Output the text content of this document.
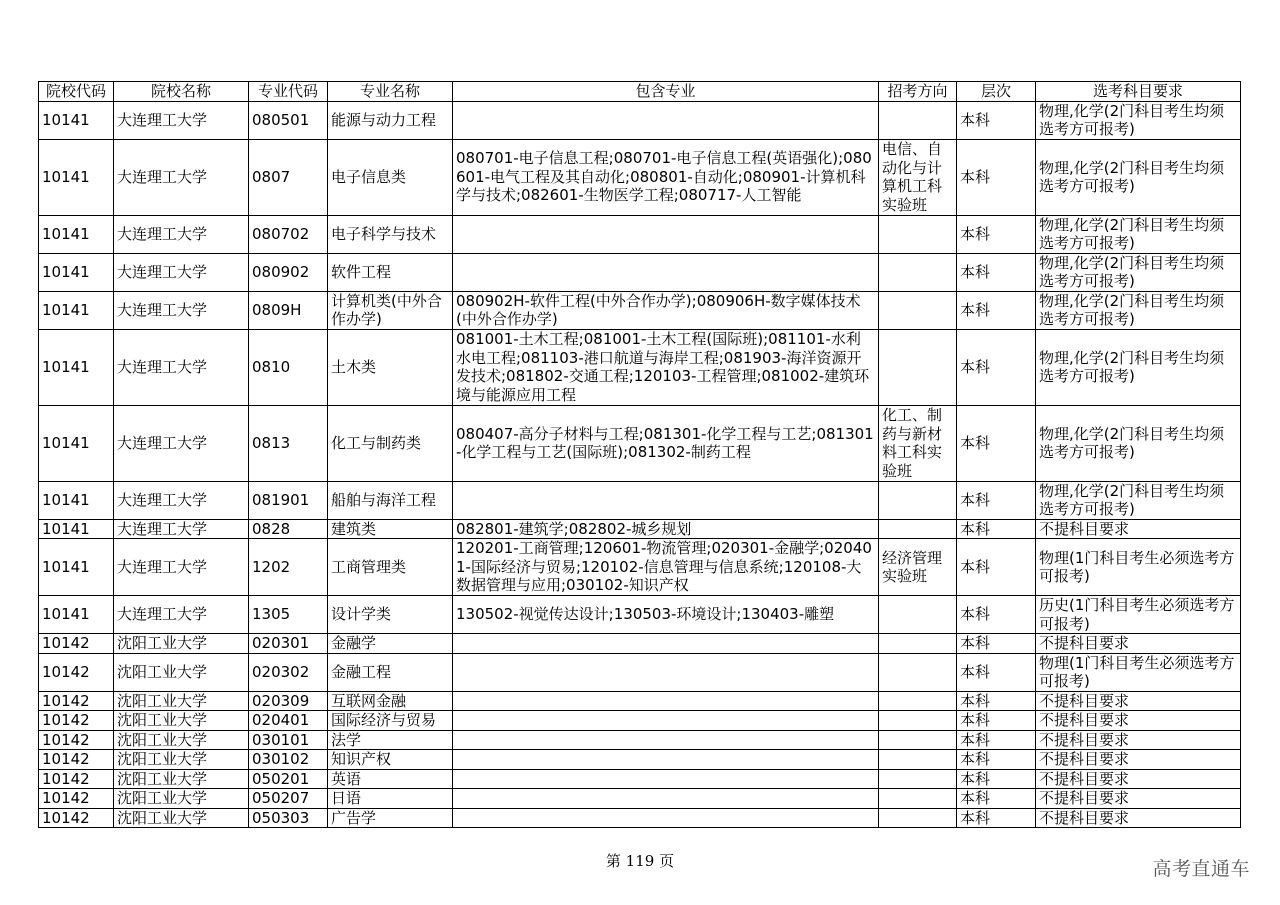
院校代码	院校名称	专业代码	专业名称	包含专业	招考方向	层次	选考科目要求
10141	大连理工大学	080501	能源与动力工程			本科	物理,化学(2门科目考生均须选考方可报考)
10141	大连理工大学	0807	电子信息类	080701-电子信息工程;080701-电子信息工程(英语强化);080601-电气工程及其自动化;080801-自动化;080901-计算机科学与技术;082601-生物医学工程;080717-人工智能	电信、自动化与计算机工科实验班	本科	物理,化学(2门科目考生均须选考方可报考)
10141	大连理工大学	080702	电子科学与技术			本科	物理,化学(2门科目考生均须选考方可报考)
10141	大连理工大学	080902	软件工程			本科	物理,化学(2门科目考生均须选考方可报考)
10141	大连理工大学	0809H	计算机类(中外合作办学)	080902H-软件工程(中外合作办学);080906H-数字媒体技术(中外合作办学)		本科	物理,化学(2门科目考生均须选考方可报考)
10141	大连理工大学	0810	土木类	081001-土木工程;081001-土木工程(国际班);081101-水利水电工程;081103-港口航道与海岸工程;081903-海洋资源开发技术;081802-交通工程;120103-工程管理;081002-建筑环境与能源应用工程		本科	物理,化学(2门科目考生均须选考方可报考)
10141	大连理工大学	0813	化工与制药类	080407-高分子材料与工程;081301-化学工程与工艺;081301-化学工程与工艺(国际班);081302-制药工程	化工、制药与新材料工科实验班	本科	物理,化学(2门科目考生均须选考方可报考)
10141	大连理工大学	081901	船舶与海洋工程			本科	物理,化学(2门科目考生均须选考方可报考)
10141	大连理工大学	0828	建筑类	082801-建筑学;082802-城乡规划		本科	不提科目要求
10141	大连理工大学	1202	工商管理类	120201-工商管理;120601-物流管理;020301-金融学;020401-国际经济与贸易;120102-信息管理与信息系统;120108-大数据管理与应用;030102-知识产权	经济管理实验班	本科	物理(1门科目考生必须选考方可报考)
10141	大连理工大学	1305	设计学类	130502-视觉传达设计;130503-环境设计;130403-雕塑		本科	历史(1门科目考生必须选考方可报考)
10142	沈阳工业大学	020301	金融学			本科	不提科目要求
10142	沈阳工业大学	020302	金融工程			本科	物理(1门科目考生必须选考方可报考)
10142	沈阳工业大学	020309	互联网金融			本科	不提科目要求
10142	沈阳工业大学	020401	国际经济与贸易			本科	不提科目要求
10142	沈阳工业大学	030101	法学			本科	不提科目要求
10142	沈阳工业大学	030102	知识产权			本科	不提科目要求
10142	沈阳工业大学	050201	英语			本科	不提科目要求
10142	沈阳工业大学	050207	日语			本科	不提科目要求
10142	沈阳工业大学	050303	广告学			本科	不提科目要求
第 119 页	高考直通车
